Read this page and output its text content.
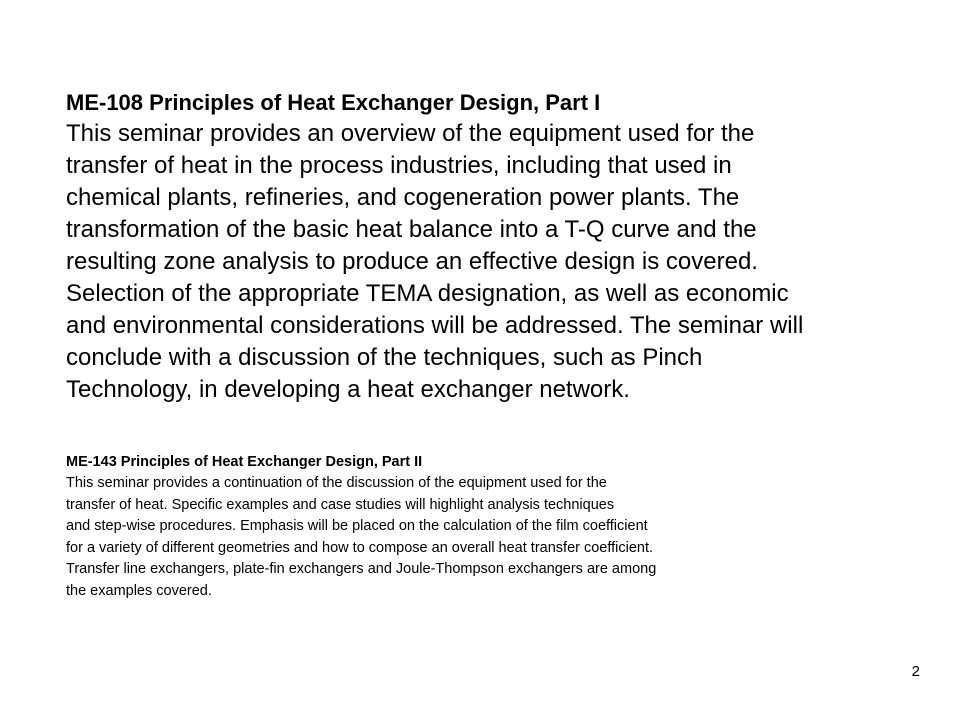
ME-108 Principles of Heat Exchanger Design, Part I

This seminar provides an overview of the equipment used for the
transfer of heat in the process industries, including that used in
chemical plants, refineries, and cogeneration power plants. The
transformation of the basic heat balance into a T-Q curve and the
resulting zone analysis to produce an effective design is covered.
Selection of the appropriate TEMA designation, as well as economic
and environmental considerations will be addressed. The seminar will
conclude with a discussion of the techniques, such as Pinch
Technology, in developing a heat exchanger network.

ME-143 Principles of Heat Exchanger Design, Part II

This seminar provides a continuation of the discussion of the equipment used for the
transfer of heat. Specific examples and case studies will highlight analysis techniques
and step-wise procedures. Emphasis will be placed on the calculation of the film coefficient
for a variety of different geometries and how to compose an overall heat transfer coefficient.
Transfer line exchangers, plate-fin exchangers and Joule-Thompson exchangers are among
the examples covered.

2
